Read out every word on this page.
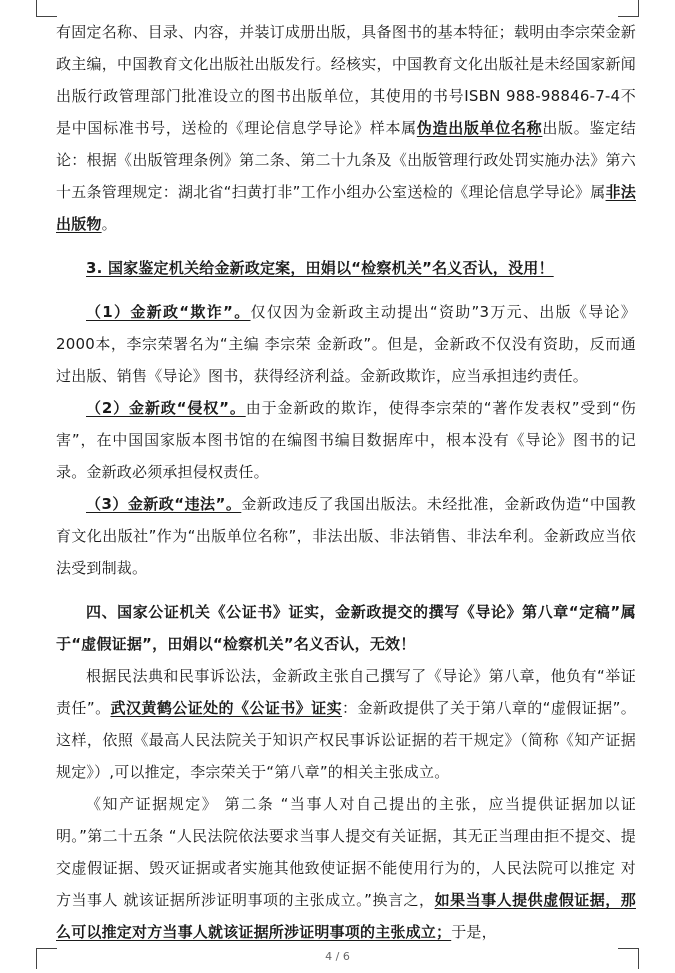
有固定名称、目录、内容，并装订成册出版，具备图书的基本特征；载明由李宗荣金新政主编，中国教育文化出版社出版发行。经核实，中国教育文化出版社是未经国家新闻出版行政管理部门批准设立的图书出版单位，其使用的书号ISBN 988-98846-7-4不是中国标准书号，送检的《理论信息学导论》样本属伪造出版单位名称出版。鉴定结论：根据《出版管理条例》第二条、第二十九条及《出版管理行政处罚实施办法》第六十五条管理规定：湖北省“扫黄打非”工作小组办公室送检的《理论信息学导论》属非法出版物。

3. 国家鉴定机关给金新政定案，田娟以“检察机关”名义否认，没用！

（1）金新政“欺诈”。仅仅因为金新政主动提出“资助”3万元、出版《导论》2000本，李宗荣署名为“主编 李宗荣 金新政”。但是，金新政不仅没有资助，反而通过出版、销售《导论》图书，获得经济利益。金新政欺诈，应当承担违约责任。

（2）金新政“侵权”。由于金新政的欺诈，使得李宗荣的“著作发表权”受到“伤害”，在中国国家版本图书馆的在编图书编目数据库中，根本没有《导论》图书的记录。金新政必须承担侵权责任。

（3）金新政“违法”。金新政违反了我国出版法。未经批准，金新政伪造“中国教育文化出版社”作为“出版单位名称”，非法出版、非法销售、非法牟利。金新政应当依法受到制裁。

四、国家公证机关《公证书》证实，金新政提交的撰写《导论》第八章“定稿”属于“虚假证据”，田娟以“检察机关”名义否认，无效！

根据民法典和民事诉讼法，金新政主张自己撰写了《导论》第八章，他负有“举证责任”。武汉黄鹤公证处的《公证书》证实：金新政提供了关于第八章的“虚假证据”。这样，依照《最高人民法院关于知识产权民事诉讼证据的若干规定》（简称《知产证据规定》）,可以推定，李宗荣关于“第八章”的相关主张成立。

《知产证据规定》 第二条 “当事人对自己提出的主张，应当提供证据加以证明。”第二十五条 “人民法院依法要求当事人提交有关证据，其无正当理由拒不提交、提交虚假证据、毁灭证据或者实施其他致使证据不能使用行为的，人民法院可以推定 对方当事人 就该证据所涉证明事项的主张成立。”换言之，如果当事人提供虚假证据，那么可以推定对方当事人就该证据所涉证明事项的主张成立；于是，

4 / 6
